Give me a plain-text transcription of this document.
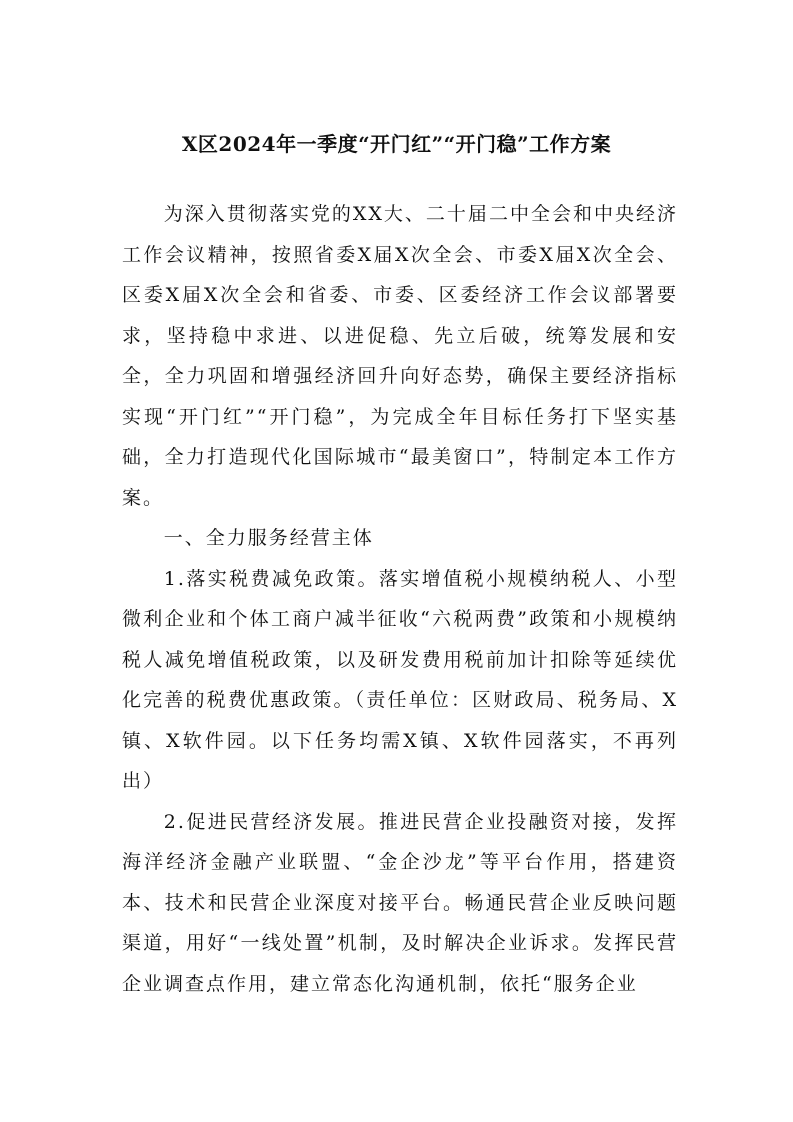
X区2024年一季度“开门红”“开门稳”工作方案

为深入贯彻落实党的XX大、二十届二中全会和中央经济工作会议精神，按照省委X届X次全会、市委X届X次全会、区委X届X次全会和省委、市委、区委经济工作会议部署要求，坚持稳中求进、以进促稳、先立后破，统筹发展和安全，全力巩固和增强经济回升向好态势，确保主要经济指标实现“开门红”“开门稳”，为完成全年目标任务打下坚实基础，全力打造现代化国际城市“最美窗口”，特制定本工作方案。

一、全力服务经营主体

1.落实税费减免政策。落实增值税小规模纳税人、小型微利企业和个体工商户减半征收“六税两费”政策和小规模纳税人减免增值税政策，以及研发费用税前加计扣除等延续优化完善的税费优惠政策。（责任单位：区财政局、税务局、X镇、X软件园。以下任务均需X镇、X软件园落实，不再列出）

2.促进民营经济发展。推进民营企业投融资对接，发挥海洋经济金融产业联盟、“金企沙龙”等平台作用，搭建资本、技术和民营企业深度对接平台。畅通民营企业反映问题渠道，用好“一线处置”机制，及时解决企业诉求。发挥民营企业调查点作用，建立常态化沟通机制，依托“服务企业
